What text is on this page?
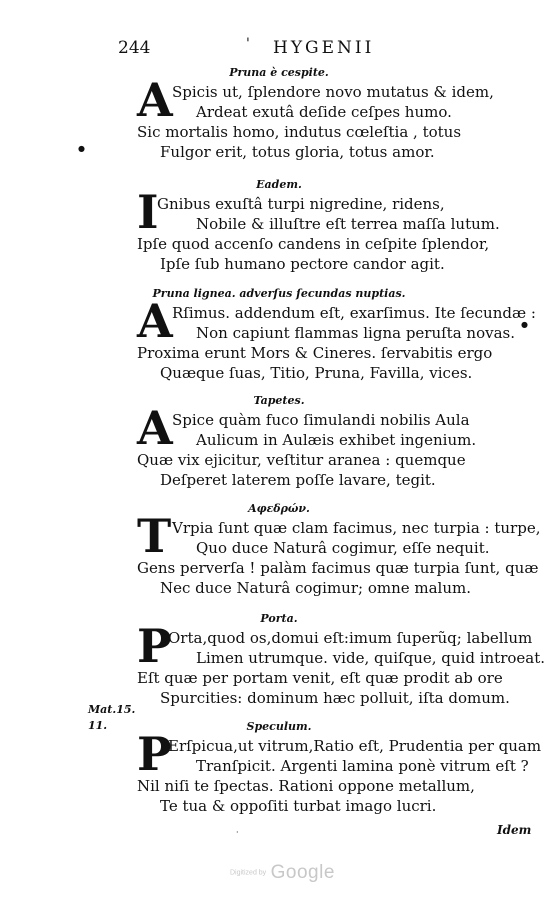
244	' HYGENII
Pruna è cespite.
A Spicis ut, ſplendore novo mutatus & idem,
Ardeat exutâ deſide ceſpes humo.
Sic mortalis homo, indutus cœleſtia , totus
Fulgor erit, totus gloria, totus amor.
Eadem.
I
Gnibus exuſtâ turpi nigredine, ridens,
Nobile & illuſtre eſt terrea maſſa lutum.
Ipſe quod accenſo candens in ceſpite ſplendor,
Ipſe ſub humano pectore candor agit.
Pruna lignea. adverſus ſecundas nuptias.
A Rſimus. addendum eſt, exarſimus. Ite ſecundæ :
Non capiunt flammas ligna peruſta novas.
Proxima erunt Mors & Cineres. ſervabitis ergo
Quæque ſuas, Titio, Pruna, Favilla, vices.
Tapetes.
A Spice quàm fuco ſimulandi nobilis Aula
Aulicum in Aulæis exhibet ingenium.
Quæ vix ejicitur, veſtitur aranea : quemque
Deſperet laterem poſſe lavare, tegit.
Αφεδρών.
T Vrpia ſunt quæ clam facimus, nec turpia : turpe,
Quo duce Naturâ cogimur, eſſe nequit.
Gens perverſa ! palàm facimus quæ turpia ſunt, quæ
Nec duce Naturâ cogimur; omne malum.
Porta.
P
Orta,quod os,domui eſt:imum ſuperũq; labellum
Limen utrumque. vide, quiſque, quid introeat.
Eſt quæ per portam venit, eſt quæ prodit ab ore
Spurcities: dominum hæc polluit, iſta domum.
Speculum.
P
Erſpicua,ut vitrum,Ratio eſt, Prudentia per quam
Tranſpicit. Argenti lamina ponè vitrum eſt ?
Nil niſi te ſpectas. Rationi oppone metallum,
Te tua & oppoſiti turbat imago lucri.
Mat.15.
11.
Idem
●
●
·
Digitized by Google
